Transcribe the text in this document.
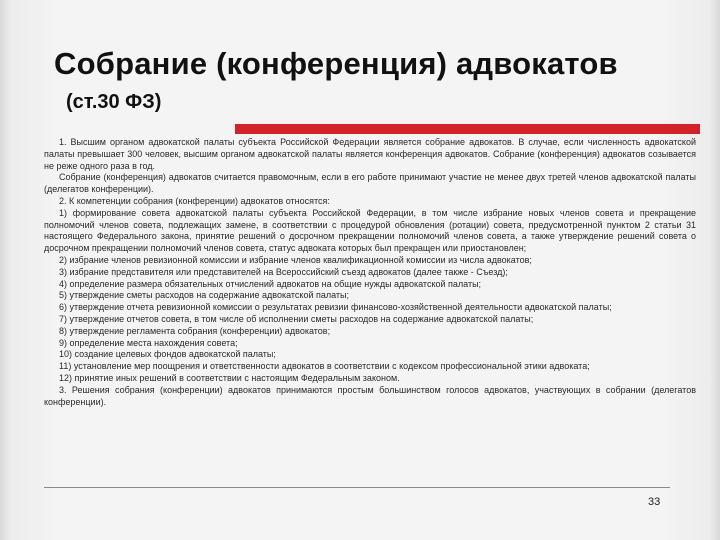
Собрание (конференция) адвокатов
(ст.30 ФЗ)

1. Высшим органом адвокатской палаты субъекта Российской Федерации является собрание адвокатов. В случае, если численность адвокатской палаты превышает 300 человек, высшим органом адвокатской палаты является конференция адвокатов. Собрание (конференция) адвокатов созывается не реже одного раза в год.

Собрание (конференция) адвокатов считается правомочным, если в его работе принимают участие не менее двух третей членов адвокатской палаты (делегатов конференции).

2. К компетенции собрания (конференции) адвокатов относятся:

1) формирование совета адвокатской палаты субъекта Российской Федерации, в том числе избрание новых членов совета и прекращение полномочий членов совета, подлежащих замене, в соответствии с процедурой обновления (ротации) совета, предусмотренной пунктом 2 статьи 31 настоящего Федерального закона, принятие решений о досрочном прекращении полномочий членов совета, а также утверждение решений совета о досрочном прекращении полномочий членов совета, статус адвоката которых был прекращен или приостановлен;

2) избрание членов ревизионной комиссии и избрание членов квалификационной комиссии из числа адвокатов;

3) избрание представителя или представителей на Всероссийский съезд адвокатов (далее также - Съезд);

4) определение размера обязательных отчислений адвокатов на общие нужды адвокатской палаты;

5) утверждение сметы расходов на содержание адвокатской палаты;

6) утверждение отчета ревизионной комиссии о результатах ревизии финансово-хозяйственной деятельности адвокатской палаты;

7) утверждение отчетов совета, в том числе об исполнении сметы расходов на содержание адвокатской палаты;

8) утверждение регламента собрания (конференции) адвокатов;

9) определение места нахождения совета;

10) создание целевых фондов адвокатской палаты;

11) установление мер поощрения и ответственности адвокатов в соответствии с кодексом профессиональной этики адвоката;

12) принятие иных решений в соответствии с настоящим Федеральным законом.

3. Решения собрания (конференции) адвокатов принимаются простым большинством голосов адвокатов, участвующих в собрании (делегатов конференции).

33
